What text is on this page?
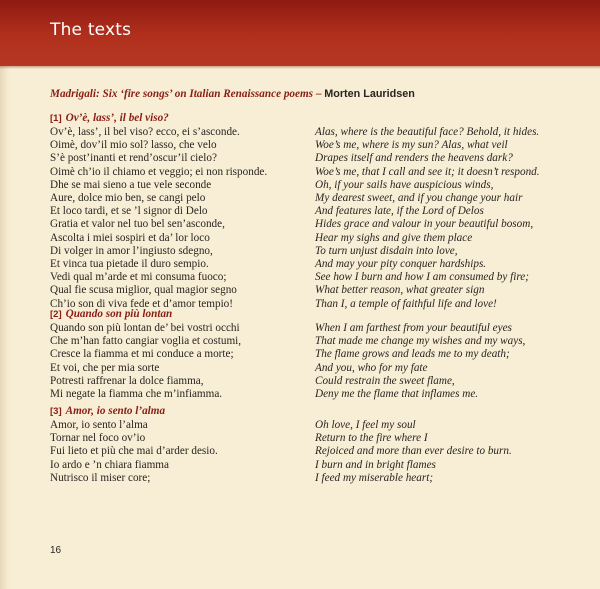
The texts
Madrigali: Six ‘fire songs’ on Italian Renaissance poems – Morten Lauridsen
[1] Ov’è, lass’, il bel viso?
Ov’è, lass’, il bel viso? ecco, ei s’asconde.
Oimè, dov’il mio sol? lasso, che velo
S’è post’inanti et rend’oscur’il cielo?
Oimè ch’io il chiamo et veggio; ei non risponde.
Dhe se mai sieno a tue vele seconde
Aure, dolce mio ben, se cangi pelo
Et loco tardi, et se ’l signor di Delo
Gratia et valor nel tuo bel sen’asconde,
Ascolta i miei sospiri et da’ lor loco
Di volger in amor l’ingiusto sdegno,
Et vinca tua pietade il duro sempio.
Vedi qual m’arde et mi consuma fuoco;
Qual fie scusa miglior, qual magior segno
Ch’io son di viva fede et d’amor tempio!
Alas, where is the beautiful face? Behold, it hides.
Woe’s me, where is my sun? Alas, what veil
Drapes itself and renders the heavens dark?
Woe’s me, that I call and see it; it doesn’t respond.
Oh, if your sails have auspicious winds,
My dearest sweet, and if you change your hair
And features late, if the Lord of Delos
Hides grace and valour in your beautiful bosom,
Hear my sighs and give them place
To turn unjust disdain into love,
And may your pity conquer hardships.
See how I burn and how I am consumed by fire;
What better reason, what greater sign
Than I, a temple of faithful life and love!
[2] Quando son più lontan
Quando son più lontan de’ bei vostri occhi
Che m’han fatto cangiar voglia et costumi,
Cresce la fiamma et mi conduce a morte;
Et voi, che per mia sorte
Potresti raffrenar la dolce fiamma,
Mi negate la fiamma che m’infiamma.
When I am farthest from your beautiful eyes
That made me change my wishes and my ways,
The flame grows and leads me to my death;
And you, who for my fate
Could restrain the sweet flame,
Deny me the flame that inflames me.
[3] Amor, io sento l’alma
Amor, io sento l’alma
Tornar nel foco ov’io
Fui lieto et più che mai d’arder desio.
Io ardo e ’n chiara fiamma
Nutrisco il miser core;
Oh love, I feel my soul
Return to the fire where I
Rejoiced and more than ever desire to burn.
I burn and in bright flames
I feed my miserable heart;
16
